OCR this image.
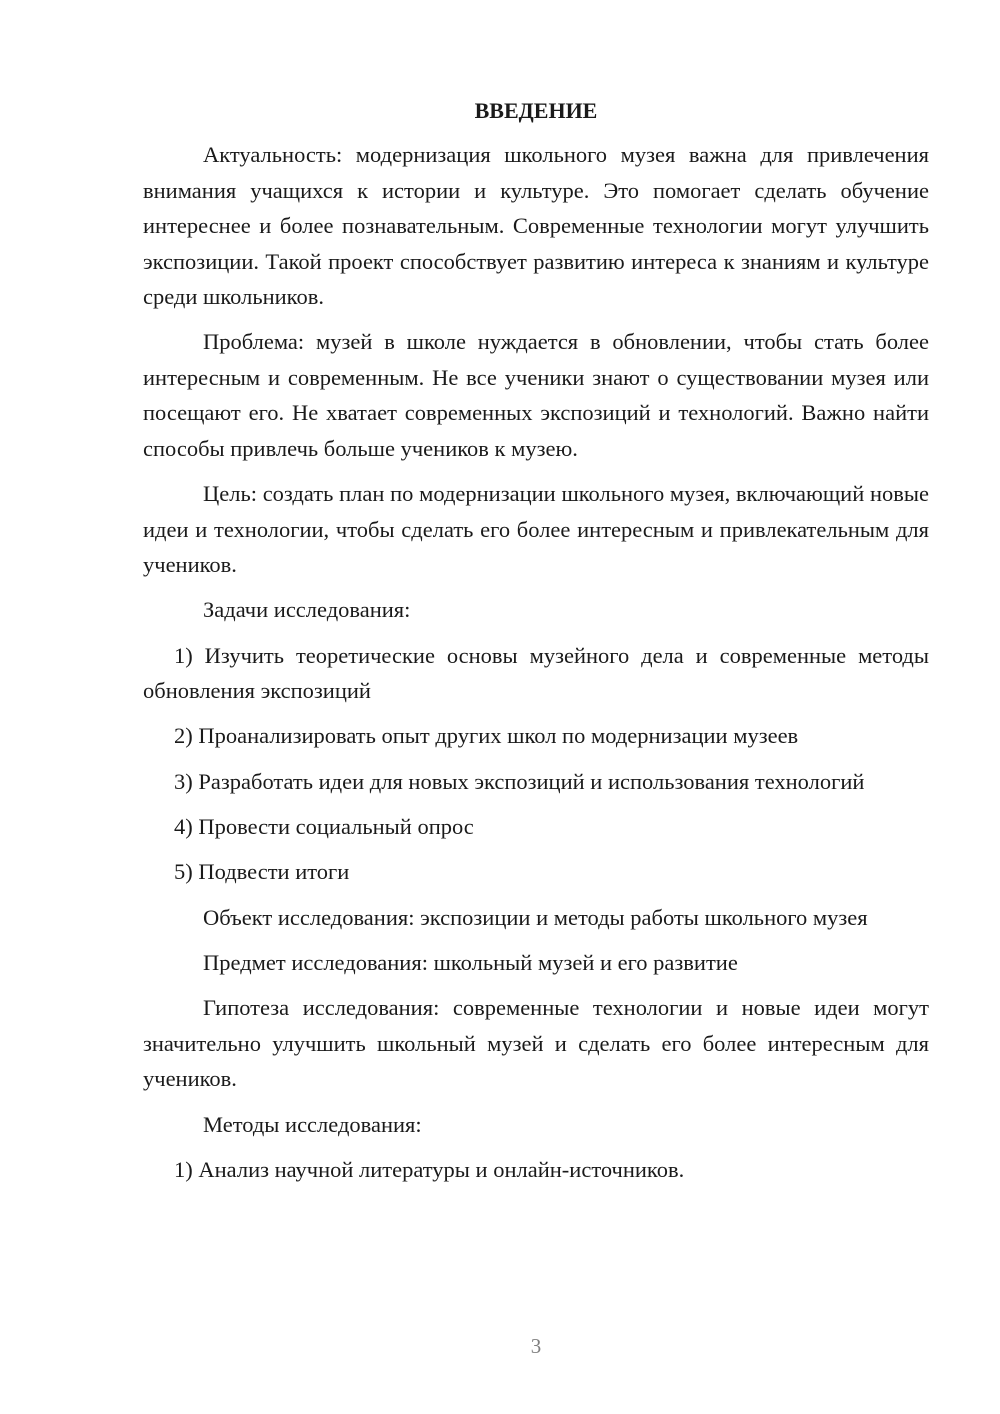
ВВЕДЕНИЕ

Актуальность: модернизация школьного музея важна для привлечения внимания учащихся к истории и культуре. Это помогает сделать обучение интереснее и более познавательным. Современные технологии могут улучшить экспозиции. Такой проект способствует развитию интереса к знаниям и культуре среди школьников.

Проблема: музей в школе нуждается в обновлении, чтобы стать более интересным и современным. Не все ученики знают о существовании музея или посещают его. Не хватает современных экспозиций и технологий. Важно найти способы привлечь больше учеников к музею.

Цель: создать план по модернизации школьного музея, включающий новые идеи и технологии, чтобы сделать его более интересным и привлекательным для учеников.

Задачи исследования:

1) Изучить теоретические основы музейного дела и современные методы обновления экспозиций

2) Проанализировать опыт других школ по модернизации музеев

3) Разработать идеи для новых экспозиций и использования технологий

4) Провести социальный опрос

5) Подвести итоги

Объект исследования: экспозиции и методы работы школьного музея

Предмет исследования: школьный музей и его развитие

Гипотеза исследования: современные технологии и новые идеи могут значительно улучшить школьный музей и сделать его более интересным для учеников.

Методы исследования:

1) Анализ научной литературы и онлайн-источников.

3
